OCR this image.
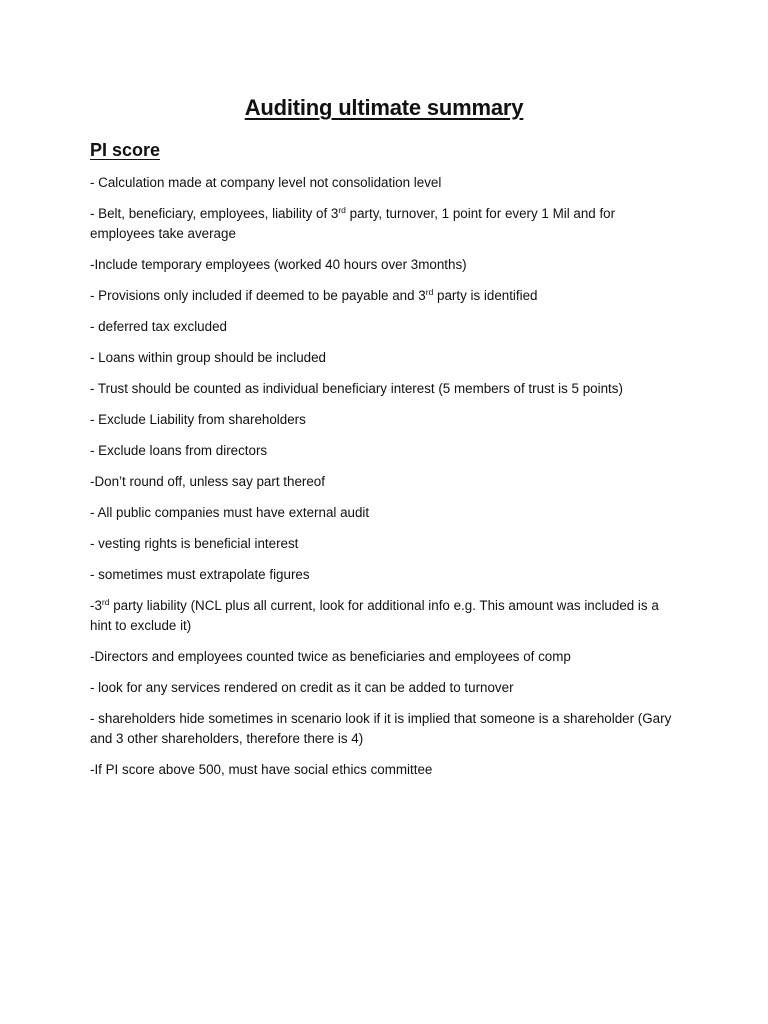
Auditing ultimate summary
PI score
- Calculation made at company level not consolidation level
- Belt, beneficiary, employees, liability of 3rd party, turnover, 1 point for every 1 Mil and for employees take average
-Include temporary employees (worked 40 hours over 3months)
- Provisions only included if deemed to be payable and 3rd party is identified
- deferred tax excluded
- Loans within group should be included
- Trust should be counted as individual beneficiary interest (5 members of trust is 5 points)
- Exclude Liability from shareholders
- Exclude loans from directors
-Don’t round off, unless say part thereof
- All public companies must have external audit
- vesting rights is beneficial interest
- sometimes must extrapolate figures
-3rd party liability (NCL plus all current, look for additional info e.g. This amount was included is a hint to exclude it)
-Directors and employees counted twice as beneficiaries and employees of comp
- look for any services rendered on credit as it can be added to turnover
- shareholders hide sometimes in scenario look if it is implied that someone is a shareholder (Gary and 3 other shareholders, therefore there is 4)
-If PI score above 500, must have social ethics committee
